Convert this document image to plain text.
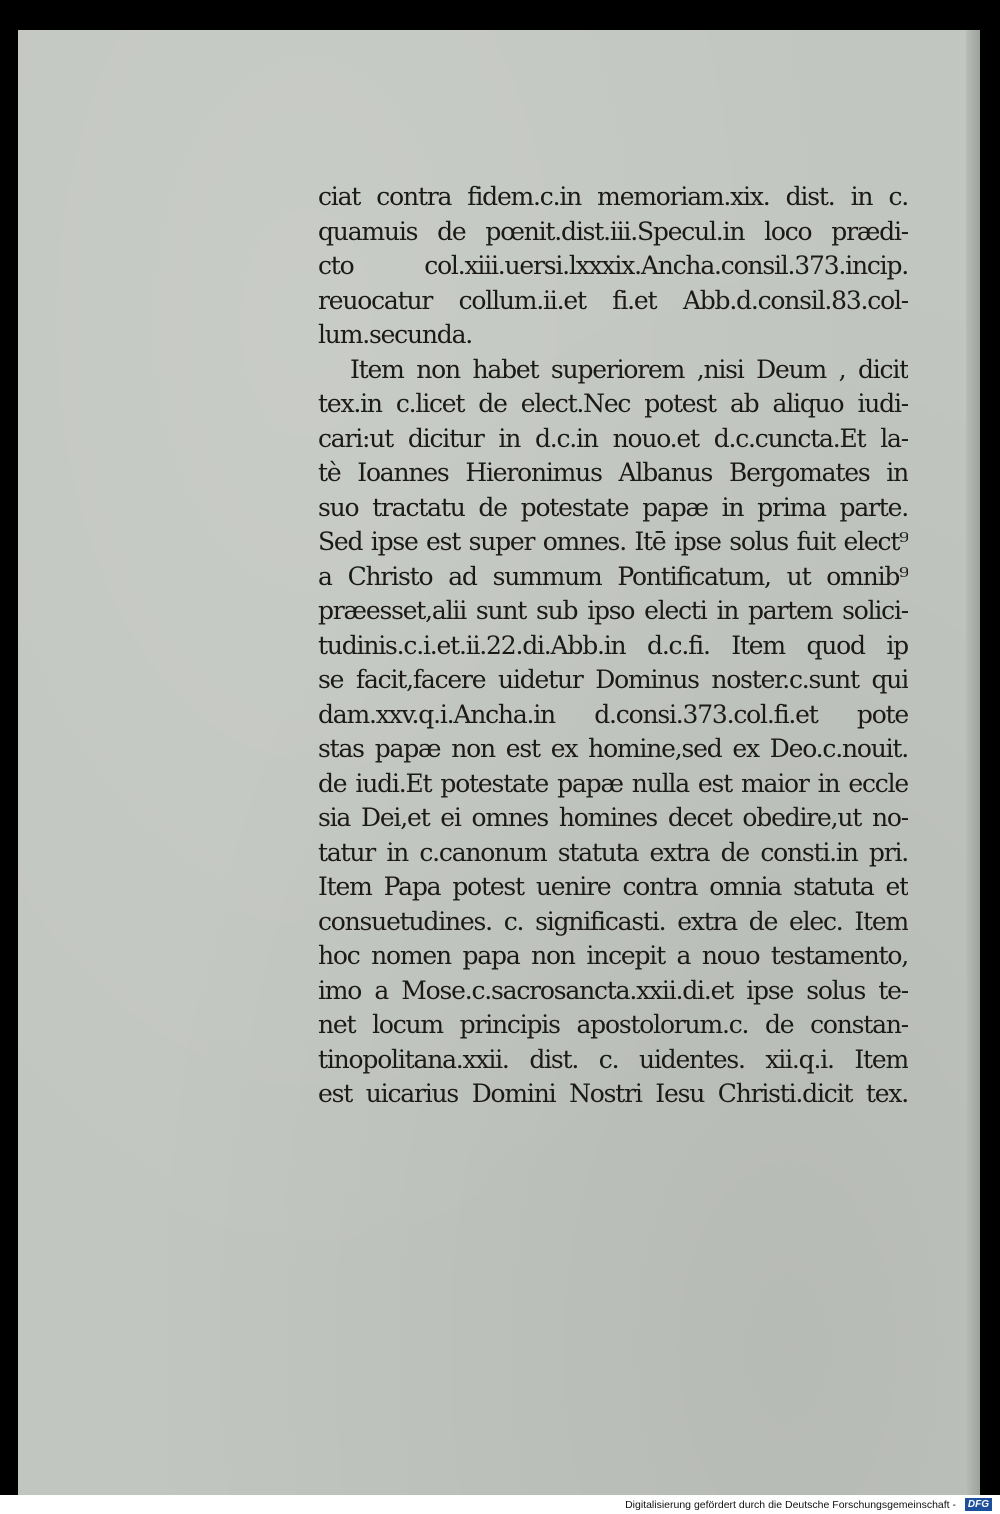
ciat contra fidem.c.in memoriam.xix. dist. in c.
quamuis de pœnit.dist.iii.Specul.in loco prædi-
cto col.xiii.uersi.lxxxix.Ancha.consil.373.incip.
reuocatur collum.ii.et fi.et Abb.d.consil.83.col-
lum.secunda.
Item non habet superiorem ,nisi Deum , dicit
tex.in c.licet de elect.Nec potest ab aliquo iudi-
cari:ut dicitur in d.c.in nouo.et d.c.cuncta.Et la-
tè Ioannes Hieronimus Albanus Bergomates in
suo tractatu de potestate papæ in prima parte.
Sed ipse est super omnes. Itē ipse solus fuit elect⁹
a Christo ad summum Pontificatum, ut omnib⁹
præesset,alii sunt sub ipso electi in partem solici-
tudinis.c.i.et.ii.22.di.Abb.in d.c.fi. Item quod ip
se facit,facere uidetur Dominus noster.c.sunt qui
dam.xxv.q.i.Ancha.in d.consi.373.col.fi.et pote
stas papæ non est ex homine,sed ex Deo.c.nouit.
de iudi.Et potestate papæ nulla est maior in eccle
sia Dei,et ei omnes homines decet obedire,ut no-
tatur in c.canonum statuta extra de consti.in pri.
Item Papa potest uenire contra omnia statuta et
consuetudines. c. significasti. extra de elec. Item
hoc nomen papa non incepit a nouo testamento,
imo a Mose.c.sacrosancta.xxii.di.et ipse solus te-
net locum principis apostolorum.c. de constan-
tinopolitana.xxii. dist. c. uidentes. xii.q.i. Item
est uicarius Domini Nostri Iesu Christi.dicit tex.
Digitalisierung gefördert durch die Deutsche Forschungsgemeinschaft -	DFG
